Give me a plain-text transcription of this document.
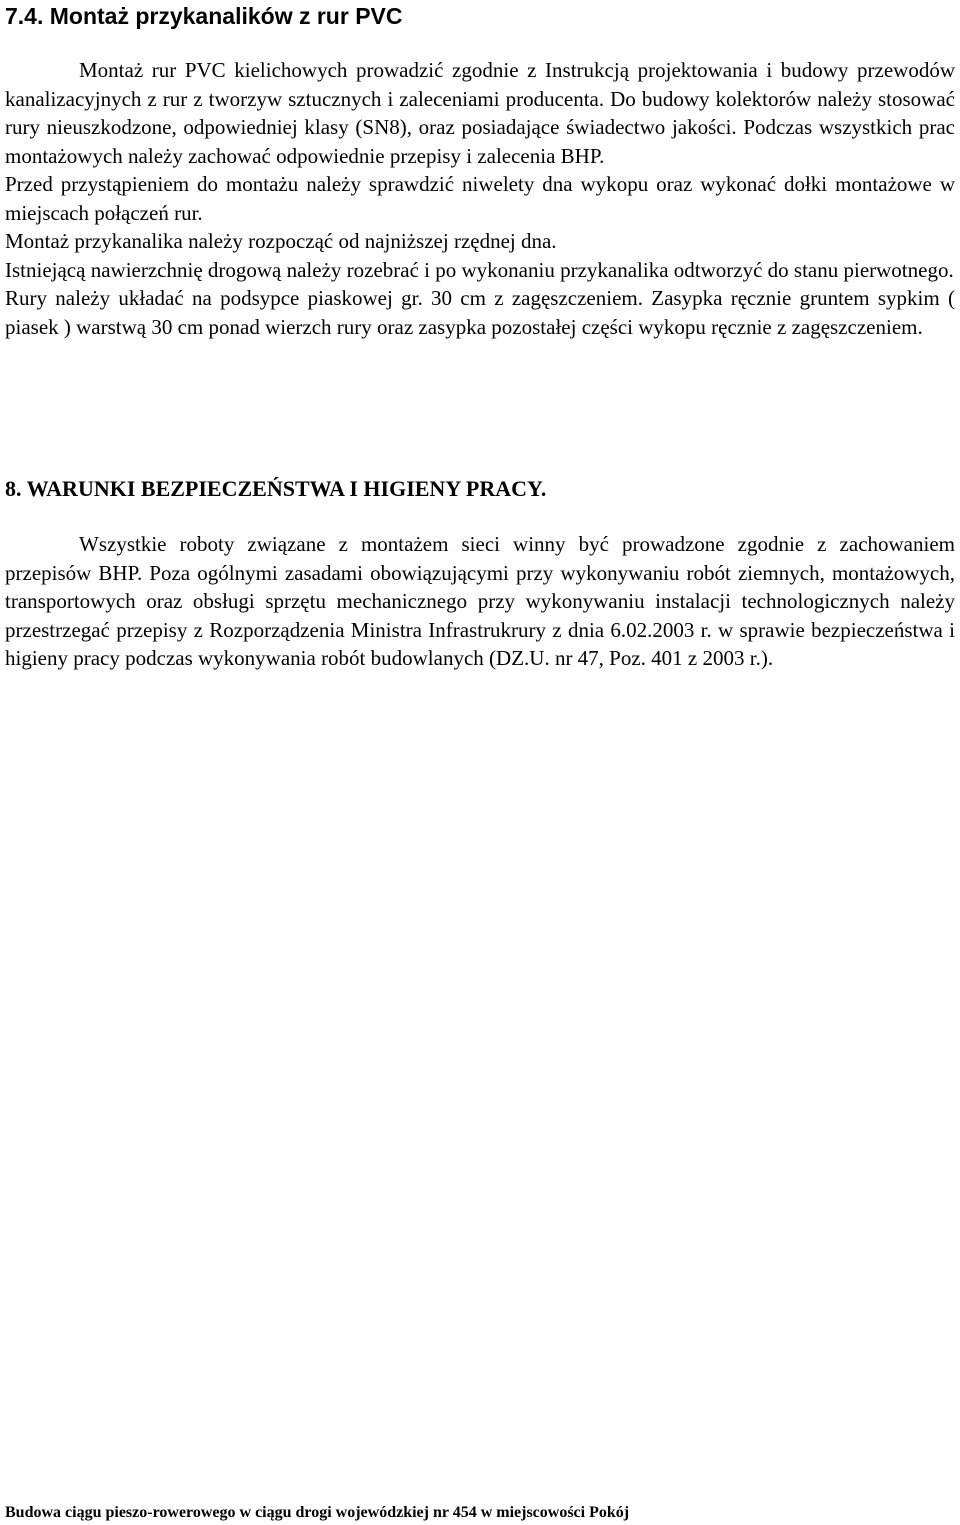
7.4. Montaż przykanalików z rur PVC

Montaż rur PVC kielichowych prowadzić zgodnie z Instrukcją projektowania i budowy przewodów kanalizacyjnych z rur z tworzyw sztucznych i zaleceniami producenta. Do budowy kolektorów należy stosować rury nieuszkodzone, odpowiedniej klasy (SN8), oraz posiadające świadectwo jakości. Podczas wszystkich prac montażowych należy zachować odpowiednie przepisy i zalecenia BHP.

Przed przystąpieniem do montażu należy sprawdzić niwelety dna wykopu oraz wykonać dołki montażowe w miejscach połączeń rur.

Montaż przykanalika należy rozpocząć od najniższej rzędnej dna.

Istniejącą nawierzchnię drogową należy rozebrać i po wykonaniu przykanalika odtworzyć do stanu pierwotnego.

Rury należy układać na podsypce piaskowej gr. 30 cm z zagęszczeniem. Zasypka ręcznie gruntem sypkim ( piasek ) warstwą 30 cm ponad wierzch rury oraz zasypka pozostałej części wykopu ręcznie z zagęszczeniem.

8. WARUNKI BEZPIECZEŃSTWA I HIGIENY PRACY.

Wszystkie roboty związane z montażem sieci winny być prowadzone zgodnie z zachowaniem przepisów BHP. Poza ogólnymi zasadami obowiązującymi przy wykonywaniu robót ziemnych, montażowych, transportowych oraz obsługi sprzętu mechanicznego przy wykonywaniu instalacji technologicznych należy przestrzegać przepisy z Rozporządzenia Ministra Infrastrukrury z dnia 6.02.2003 r. w sprawie bezpieczeństwa i higieny pracy podczas wykonywania robót budowlanych (DZ.U. nr 47, Poz. 401 z 2003 r.).

Budowa ciągu pieszo-rowerowego w ciągu drogi wojewódzkiej nr 454 w miejscowości Pokój
